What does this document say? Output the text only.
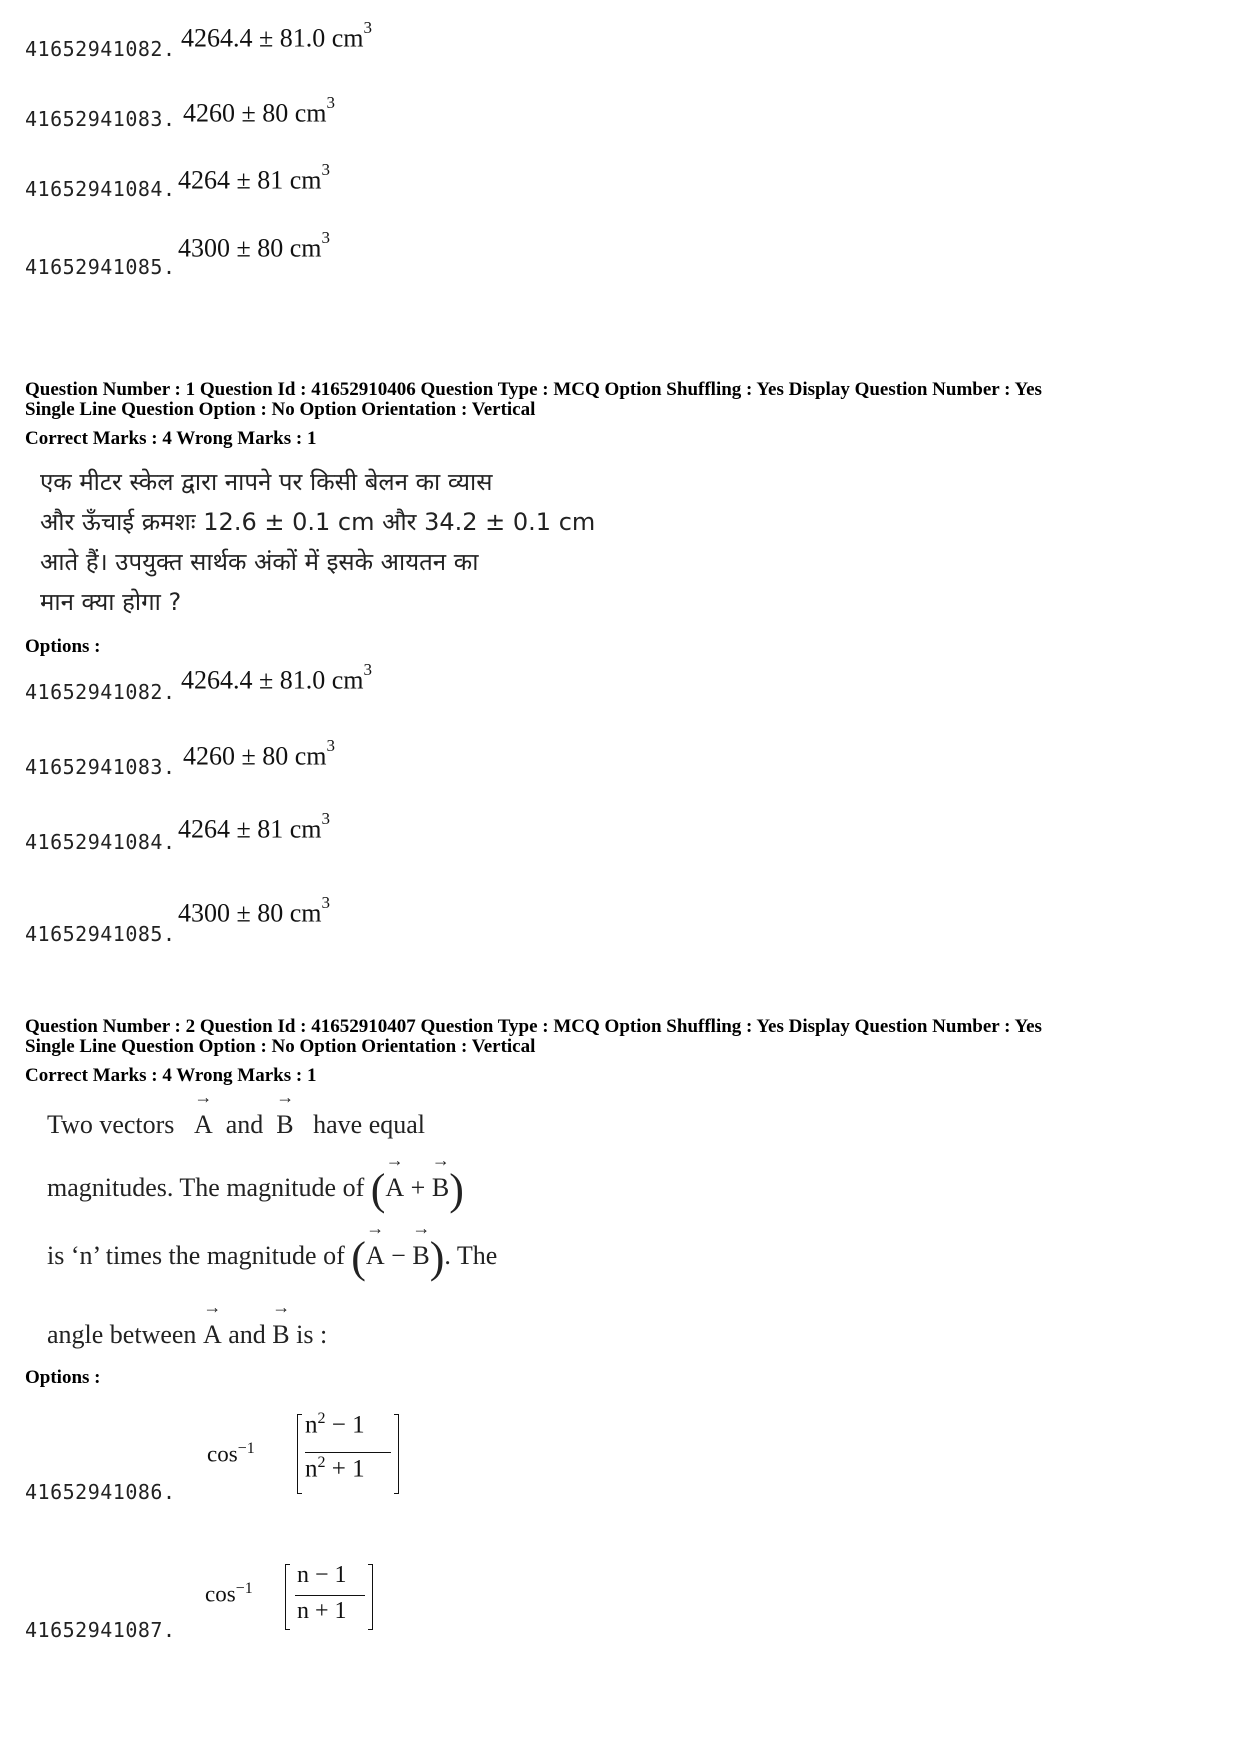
41652941082. 4264.4 ± 81.0 $cm^3$
41652941083. 4260 ± 80 $cm^3$
41652941084. 4264 ± 81 $cm^3$
41652941085.
4300 ± 80 $cm^3$
Question Number : 1 Question Id : 41652910406 Question Type : MCQ Option Shuffling : Yes Display Question Number : Yes
Single Line Question Option : No Option Orientation : Vertical
Correct Marks : 4 Wrong Marks : 1
एक मीटर स्केल द्वारा नापने पर किसी बेलन का व्यास
और ऊँचाई क्रमशः 12.6 ± 0.1 cm और 34.2 ± 0.1 cm
आते हैं। उपयुक्त सार्थक अंकों में इसके आयतन का
मान क्या होगा ?
Options :
41652941082. 4264.4 ± 81.0 $cm^3$
41652941083. 4260 ± 80 $cm^3$
41652941084. 4264 ± 81 $cm^3$
41652941085.
4300 ± 80 $cm^3$
Question Number : 2 Question Id : 41652910407 Question Type : MCQ Option Shuffling : Yes Display Question Number : Yes
Single Line Question Option : No Option Orientation : Vertical
Correct Marks : 4 Wrong Marks : 1
Two vectors
→
A and
→
B have equal
magnitudes. The magnitude of (
→
A +
→
B)
is ‘n’ times the magnitude of (
→
A −
→
B). The
angle between
→
A and
→
B is :
Options :
41652941086.
$\cos^{-1}$
$n^2 - 1$
$n^2 + 1$
41652941087.
$\cos^{-1}$
n − 1
n + 1
